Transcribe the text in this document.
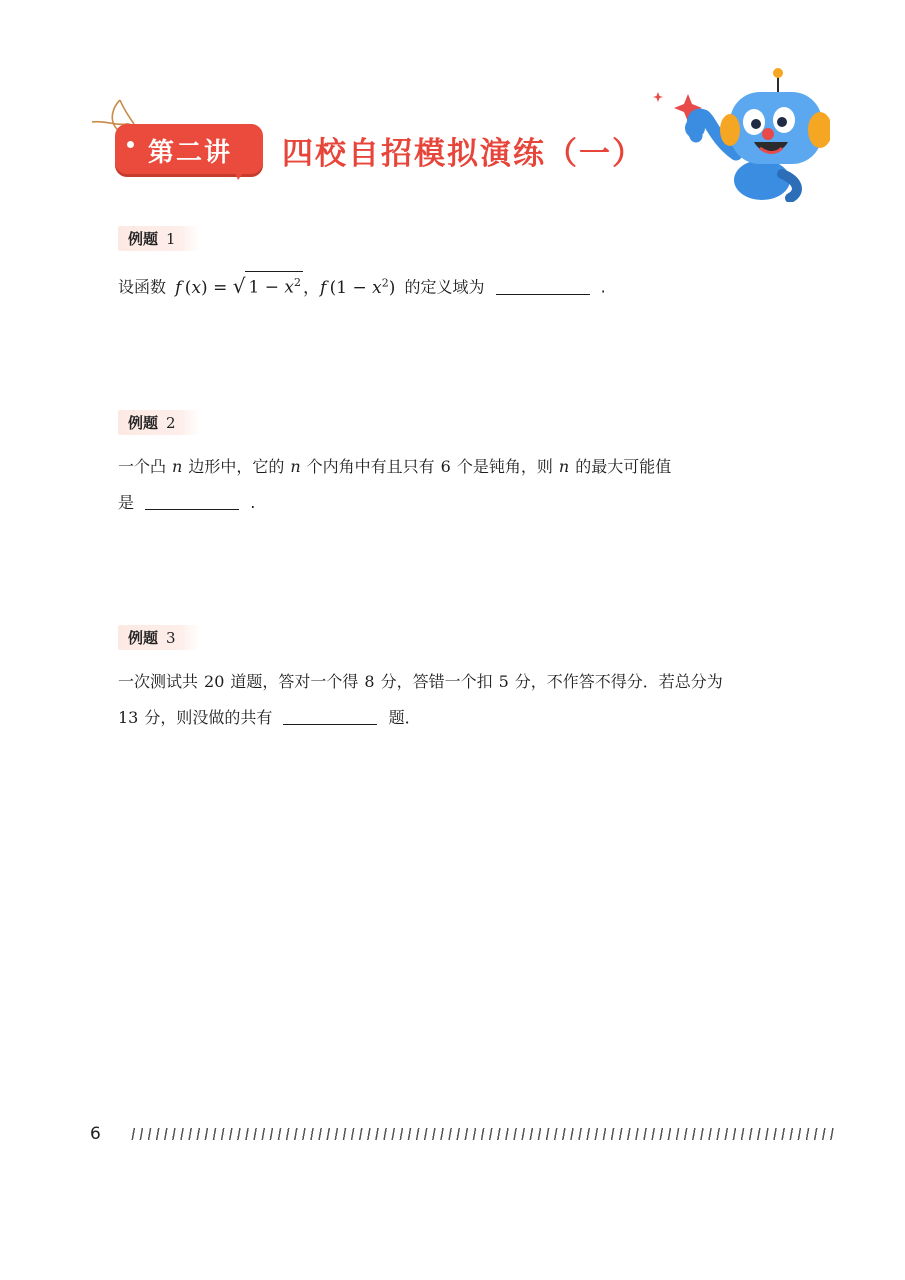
第二讲 四校自招模拟演练（一）
例题 1
设函数 f (x) = √ $1 - x^2$ ，f $(1 - x^2)$ 的定义域为	.
例题 2
一个凸 n 边形中，它的 n 个内角中有且只有 6 个是钝角，则 n 的最大可能值
是	.
例题 3
一次测试共 20 道题，答对一个得 8 分，答错一个扣 5 分，不作答不得分．若总分为
13 分，则没做的共有	题．
6
